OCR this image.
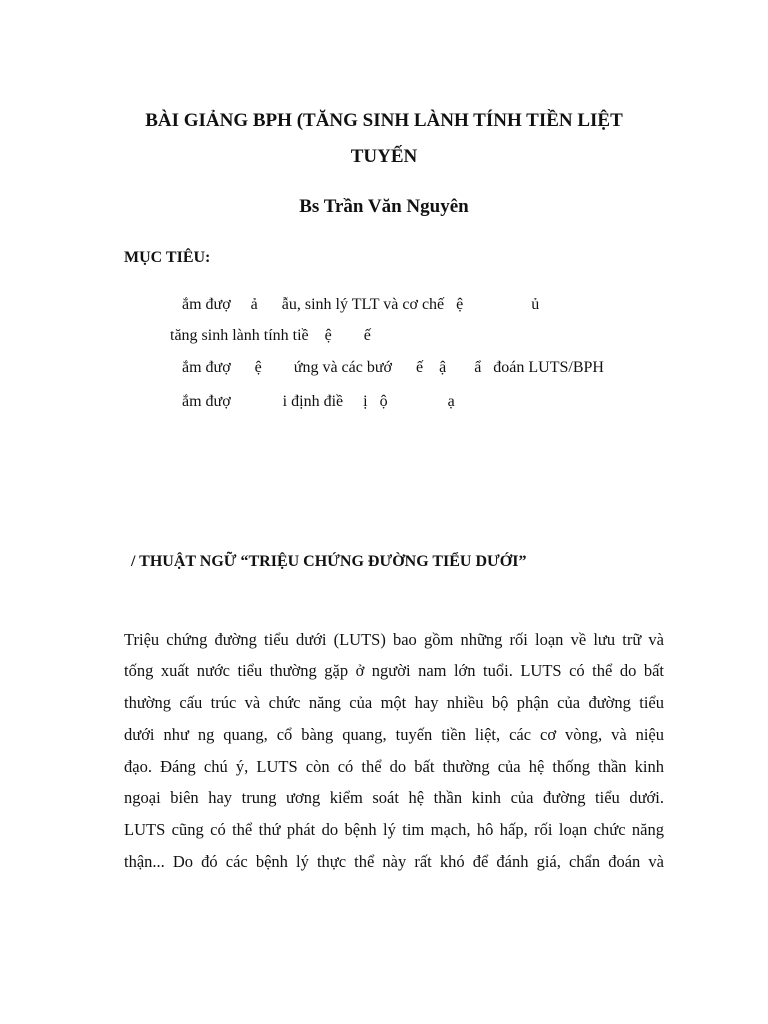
BÀI GIẢNG BPH (TĂNG SINH LÀNH TÍNH TIỀN LIỆT
TUYẾN
Bs Trần Văn Nguyên
MỤC TIÊU:
ắm đượ     ả      ẫu, sinh lý TLT và cơ chế   ệ                 ủ
tăng sinh lành tính tiề    ệ        ế
ắm đượ      ệ        ứng và các bướ      ế    ậ       ẩ   đoán LUTS/BPH
ắm đượ             i định điề     ị   ộ               ạ
/ THUẬT NGỮ “TRIỆU CHỨNG ĐƯỜNG TIỂU DƯỚI”
Triệu chứng đường tiểu dưới (LUTS) bao gồm những rối loạn về lưu trữ và
tống xuất nước tiểu thường gặp ở người nam lớn tuổi. LUTS có thể do bất
thường cấu trúc và chức năng của một hay nhiều bộ phận của đường tiểu
dưới như ng quang, cổ bàng quang, tuyến tiền liệt, các cơ vòng, và niệu
đạo. Đáng chú ý, LUTS còn có thể do bất thường của hệ thống thần kinh
ngoại biên hay trung ương kiểm soát hệ thần kinh của đường tiểu dưới.
LUTS cũng có thể thứ phát do bệnh lý tim mạch, hô hấp, rối loạn chức năng
thận... Do đó các bệnh lý thực thể này rất khó để đánh giá, chẩn đoán và
